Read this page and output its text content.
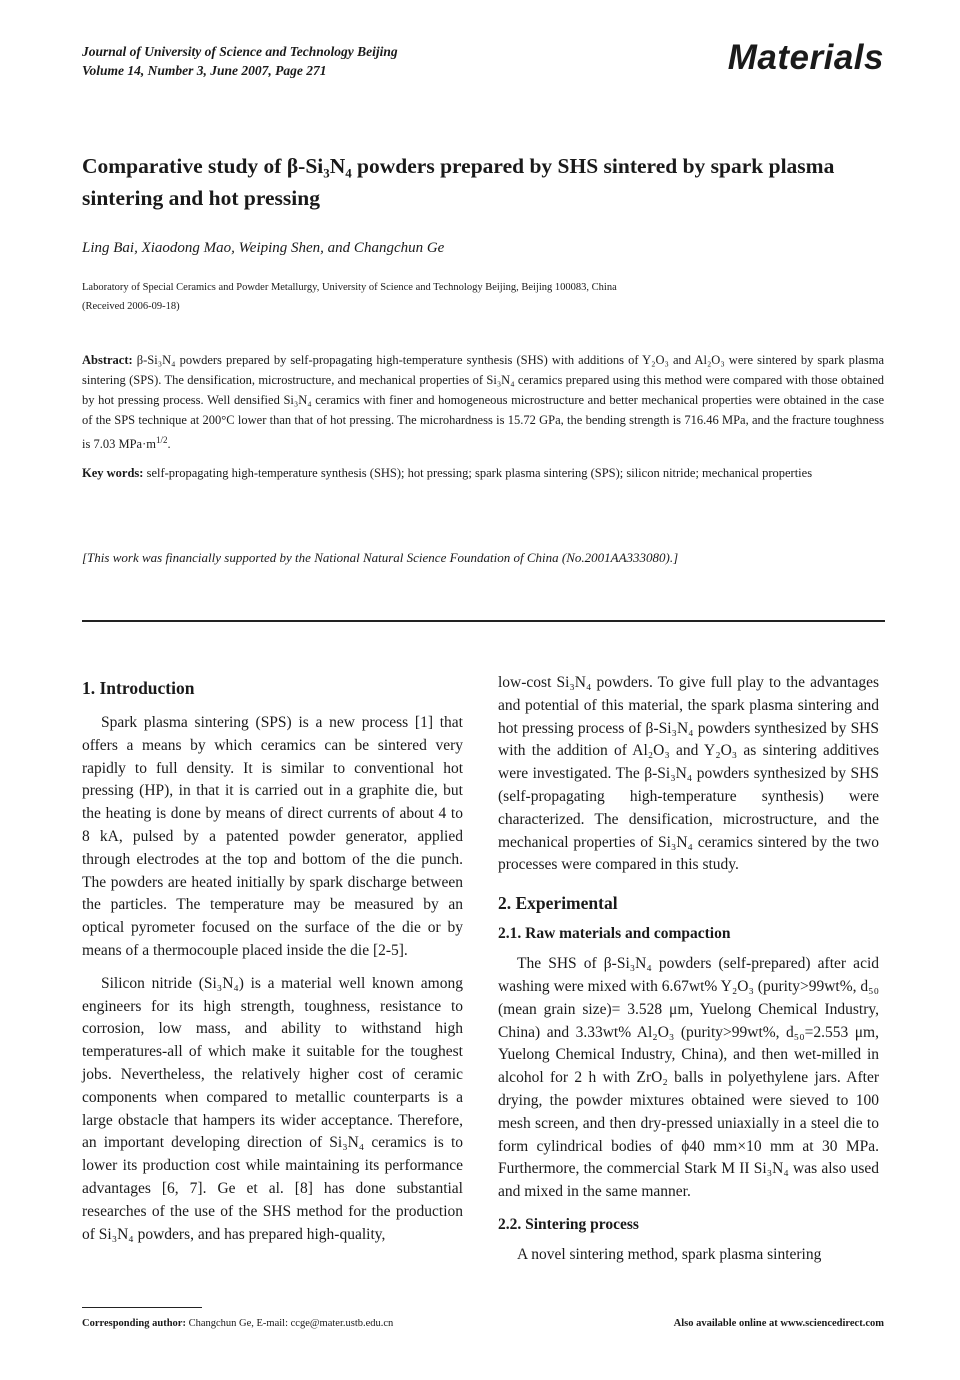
Journal of University of Science and Technology Beijing
Volume 14, Number 3, June 2007, Page 271	Materials
Comparative study of β-Si₃N₄ powders prepared by SHS sintered by spark plasma sintering and hot pressing
Ling Bai, Xiaodong Mao, Weiping Shen, and Changchun Ge
Laboratory of Special Ceramics and Powder Metallurgy, University of Science and Technology Beijing, Beijing 100083, China
(Received 2006-09-18)
Abstract: β-Si₃N₄ powders prepared by self-propagating high-temperature synthesis (SHS) with additions of Y₂O₃ and Al₂O₃ were sintered by spark plasma sintering (SPS). The densification, microstructure, and mechanical properties of Si₃N₄ ceramics prepared using this method were compared with those obtained by hot pressing process. Well densified Si₃N₄ ceramics with finer and homogeneous microstructure and better mechanical properties were obtained in the case of the SPS technique at 200°C lower than that of hot pressing. The microhardness is 15.72 GPa, the bending strength is 716.46 MPa, and the fracture toughness is 7.03 $MPa\cdot m^{1/2}$.
Key words: self-propagating high-temperature synthesis (SHS); hot pressing; spark plasma sintering (SPS); silicon nitride; mechanical properties
[This work was financially supported by the National Natural Science Foundation of China (No.2001AA333080).]
1. Introduction

Spark plasma sintering (SPS) is a new process [1] that offers a means by which ceramics can be sintered very rapidly to full density. It is similar to conventional hot pressing (HP), in that it is carried out in a graphite die, but the heating is done by means of direct currents of about 4 to 8 kA, pulsed by a patented powder generator, applied through electrodes at the top and bottom of the die punch. The powders are heated initially by spark discharge between the particles. The temperature may be measured by an optical pyrometer focused on the surface of the die or by means of a thermocouple placed inside the die [2-5].

Silicon nitride (Si₃N₄) is a material well known among engineers for its high strength, toughness, resistance to corrosion, low mass, and ability to withstand high temperatures-all of which make it suitable for the toughest jobs. Nevertheless, the relatively higher cost of ceramic components when compared to metallic counterparts is a large obstacle that hampers its wider acceptance. Therefore, an important developing direction of Si₃N₄ ceramics is to lower its production cost while maintaining its performance advantages [6, 7]. Ge et al. [8] has done substantial researches of the use of the SHS method for the production of Si₃N₄ powders, and has prepared high-quality,

low-cost Si₃N₄ powders. To give full play to the advantages and potential of this material, the spark plasma sintering and hot pressing process of β-Si₃N₄ powders synthesized by SHS with the addition of Al₂O₃ and Y₂O₃ as sintering additives were investigated. The β-Si₃N₄ powders synthesized by SHS (self-propagating high-temperature synthesis) were characterized. The densification, microstructure, and the mechanical properties of Si₃N₄ ceramics sintered by the two processes were compared in this study.

2. Experimental
2.1. Raw materials and compaction

The SHS of β-Si₃N₄ powders (self-prepared) after acid washing were mixed with 6.67wt% Y₂O₃ (purity>99wt%, d₅₀ (mean grain size)= 3.528 μm, Yuelong Chemical Industry, China) and 3.33wt% Al₂O₃ (purity>99wt%, d₅₀=2.553 μm, Yuelong Chemical Industry, China), and then wet-milled in alcohol for 2 h with ZrO₂ balls in polyethylene jars. After drying, the powder mixtures obtained were sieved to 100 mesh screen, and then dry-pressed uniaxially in a steel die to form cylindrical bodies of ϕ40 mm×10 mm at 30 MPa. Furthermore, the commercial Stark M II Si₃N₄ was also used and mixed in the same manner.

2.2. Sintering process

A novel sintering method, spark plasma sintering

Corresponding author: Changchun Ge, E-mail: ccge@mater.ustb.edu.cn	Also available online at www.sciencedirect.com
